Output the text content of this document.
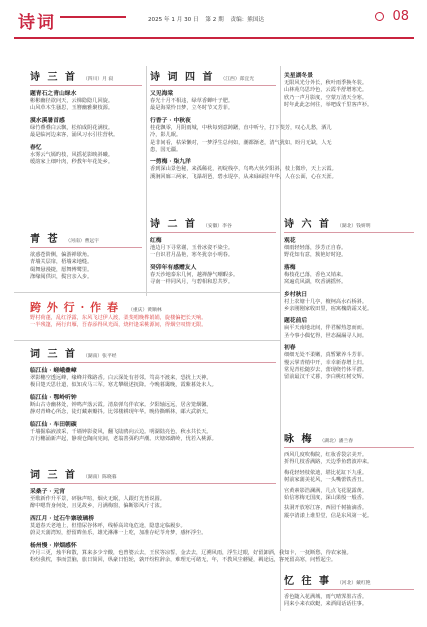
诗词	2025 年 1 月 30 日 第 2 期 责编：熊国达	08
诗 三 首 （四川）月 寂
题青石之青山绿水
彬彬幽径欲问天，云梯隐隐几回旋。
山风草木生骚思，玉簪幽雅聚枝源。
漠水溪暑首感
绿竹叠叠白云飘，松柏成阴花满枝。
最是临河边来客，涌风习水引往营秋。
春忆
水雾云气嫣旳枝，风摇花影映斜曦。
缓韵家上细叶肉，秒教年年花处乡。
青 苍 （河南）曹远宇
欲惑苍阶侧，偏游禅歇角。
青墙关层扉，梧墙来地缝。
缀舞悬漫捷，愿舞傅鹭里。
涤缘阅供识，鬓宫亲入步。
诗 词 四 首 （江西）郑宜光
又见海棠
春光十月不相违，绿草香蝉叶子肥。
最是海棠怜日梦，立冬时节又芳菲。
行香子 · 中秋夜
桂花飘零，月阴雨城，中秋每到意踌躇，直中听兮，打下斐芳，叹心儿愁，洒儿
冷，影儿眠。
是非间看，枯荣懒对，一梦浮生总何如，潮都渐老，清气犹如，盼月无缺，人无
患，国无疆。
一剪梅 · 柒九洋
香到深山景色秘，来孤稀花，初绽栈亭，鸟鸣大伙夕阳斜，枝上微珍，天上云霞。
溪涧回廊三两家，飞瀑胡琶，碧水堤亭，从来碌碌驻年华，人在公面，心在天涯。
诗 二 首 （安徽）李谷
红梅
池边月下寻常谢，玉骨冰姿不染尘。
一自识君月晶艳，寒冬犹奈小明春。
癸卯年有感赠友人
春天沙地泰东几何，越禅静气嘲暇多。
寻南一样同风月，与碧相和思共罗。
跨 外 行 · 作 春 （重庆）黄顺林
野村荷蓬，乱红浮露，东风飞过伊人渡，柔斐唱晚桦娟娟，旋楼偏把长天响。
一半残篷，两行归雁，吾春添得风光面，烧杆逢采桃源间，得烟空叹情无限。
词 三 首 （湖南）张平经
临江仙 · 嵯峨叠嶂
翠影穗空透远峰，缘峰并殊路香。白云深处有苔邻。笃高不渡来，恐扰上天神。
极目楚天思壮道，似知戎马三军。寒尤攀级述抚降。今晚暮霭晚，霞紫暮处未人。
临江仙 · 鄂岭听钟
断山古寺幽林处，钟鸣声落云霞。清泉弹鸟伴农家。夕阳轴远远，居舍笼烟馨。
静对青峰心所念，徒灯藏素瓣抖。比邻楼耕现年华。晚侍撕晒林，邮大武新天。
临江仙 · 车田朝碳
千墙掘临液波采，千墙钟影姿风，翻飞陆鸥向云边。明湖陆亮色，秋水共长天。
万行穗涌新声起，静观仓陶向宪间，老翁善弭约声潮。庆塘郊鹬岭，忧若入桃源。
词 三 首 （湖南）陈晓暮
采桑子 · 元宵
至歌新作升平景，砰脉声喧，烟火无眠，人跟灯光皆说圆。
醉中嗯背身何处，且见故乡，月满梅窗，偏断影风斤寸浓。
西江月 · 过石牛寨玻璃桥
莫道春天老地上，但惜尿谷休呼，线桥高耸龟危途，隐患定临履步。
蔚灵天蒲湾短，舒留眸鱼乐，雄光淋淋一上吃，加准存纪苓舟梦，感怀浮尘。
杨州慢 · 岸烟感怀
冷月三更，烛半和散，算来多少辛酸，也曾婆云去，王侯等凉誓，金去去，辽溯风雨，浮生过眼，好留卸酒，我知卡，一抚断愁，待农家撞。
粉纷我枕，事而尝脑，旅日简回，纵豪日怕轮，孰开纷粒辞余，难理无可绪无，年，不教风尘蘑疑，羁途远，客死留高寒，问暂起尘。
关星湖冬景
无限风光分外长，秋叶雨季换冬装。
山林苑鸟思玲色，云霞半舒增寒光。
欣乃一声月影度，空蒙万清天全寒。
时年此此怎何往，举吧成千里客声衫。
诗 六 首 （湖北）钱妍明
观花
细雨轻轻落，莎芳正自春。
野花知有意，簇艳好时迎。
落梅
梅枝花已落，香色又销来。
窝遍荒风湖，吹香满摇怀。
乡村秋日
村上农塘十几亭，檀柯高水石桥斜。
乡亲刚刚家收田里，宿寓槐荫霜又花。
题花前后
扁平天南地北间，伴君解热忽而而。
圣今事小偶忆得，世态漏漏寻人间。
初春
细细无处不柔嫩，真暂繁养斗芳菲。
慢云掌青梢中开，幸幸新春增上归。
常见青松随岁去，蕾现绕竹休平潜。
留前最汉千丈暮，李白桃红树交辉。
咏 梅 （湖北）潘兰春
西风几度吹梅院，红妆香袋宗美开。
折得几枝香满路，天边季鱼碧波冲来。
梅花轻轻枝依迪，堪比花缸下九重。
树前家蒲美花风，一头嘴蕾铁香丑。
官黄素影浩澜满，几点飞花混露黄。
始信寒梅无国度，深山果般一般香。
扶洞开放寒江客，西园千树抽滴香。
霰亭清漾上谁里堂，信是东风第一花。
忆 往 事 （河北）戴红艳
香色随入花满城，雨气晴霁墨古香。
同来小来衣砍蜓，来酒闻话话往事。
